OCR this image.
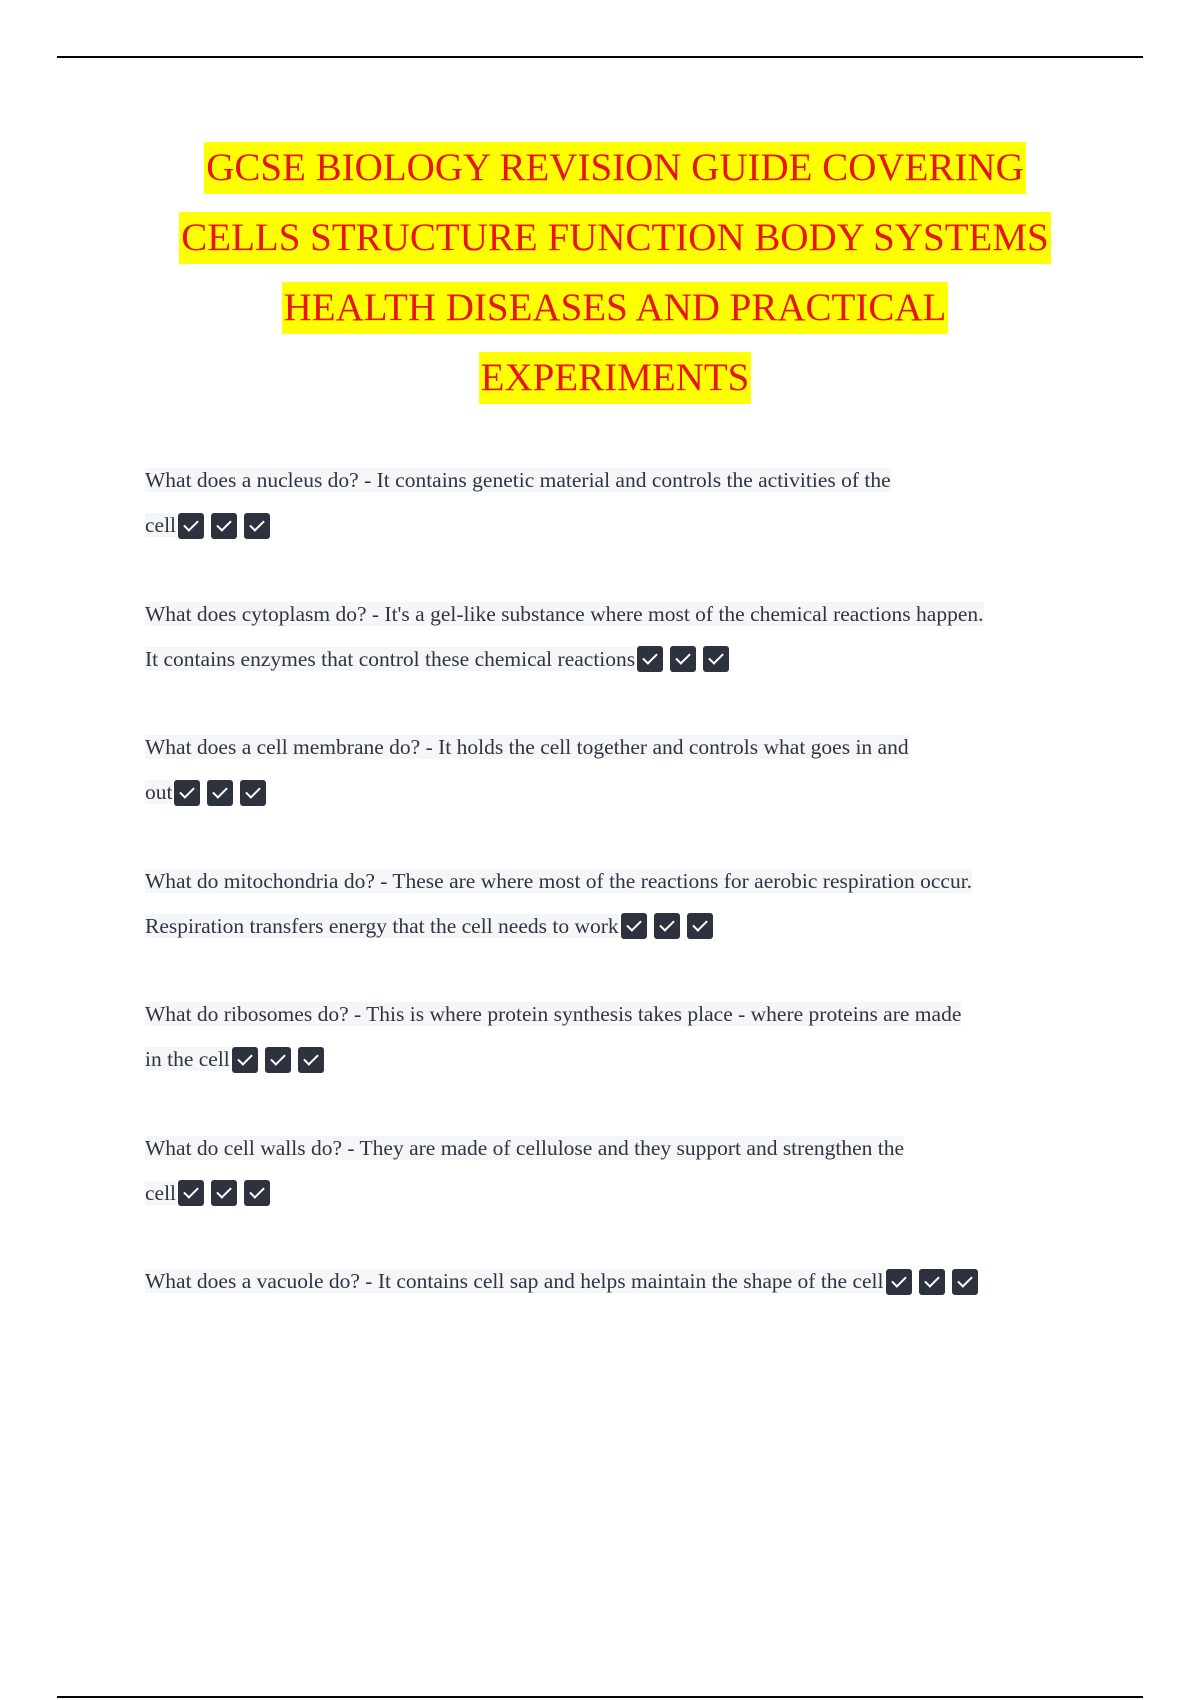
GCSE BIOLOGY REVISION GUIDE COVERING
CELLS STRUCTURE FUNCTION BODY SYSTEMS
HEALTH DISEASES AND PRACTICAL
EXPERIMENTS
What does a nucleus do? - It contains genetic material and controls the activities of the
cell
What does cytoplasm do? - It's a gel-like substance where most of the chemical reactions happen.
It contains enzymes that control these chemical reactions
What does a cell membrane do? - It holds the cell together and controls what goes in and
out
What do mitochondria do? - These are where most of the reactions for aerobic respiration occur.
Respiration transfers energy that the cell needs to work
What do ribosomes do? - This is where protein synthesis takes place - where proteins are made
in the cell
What do cell walls do? - They are made of cellulose and they support and strengthen the
cell
What does a vacuole do? - It contains cell sap and helps maintain the shape of the cell
